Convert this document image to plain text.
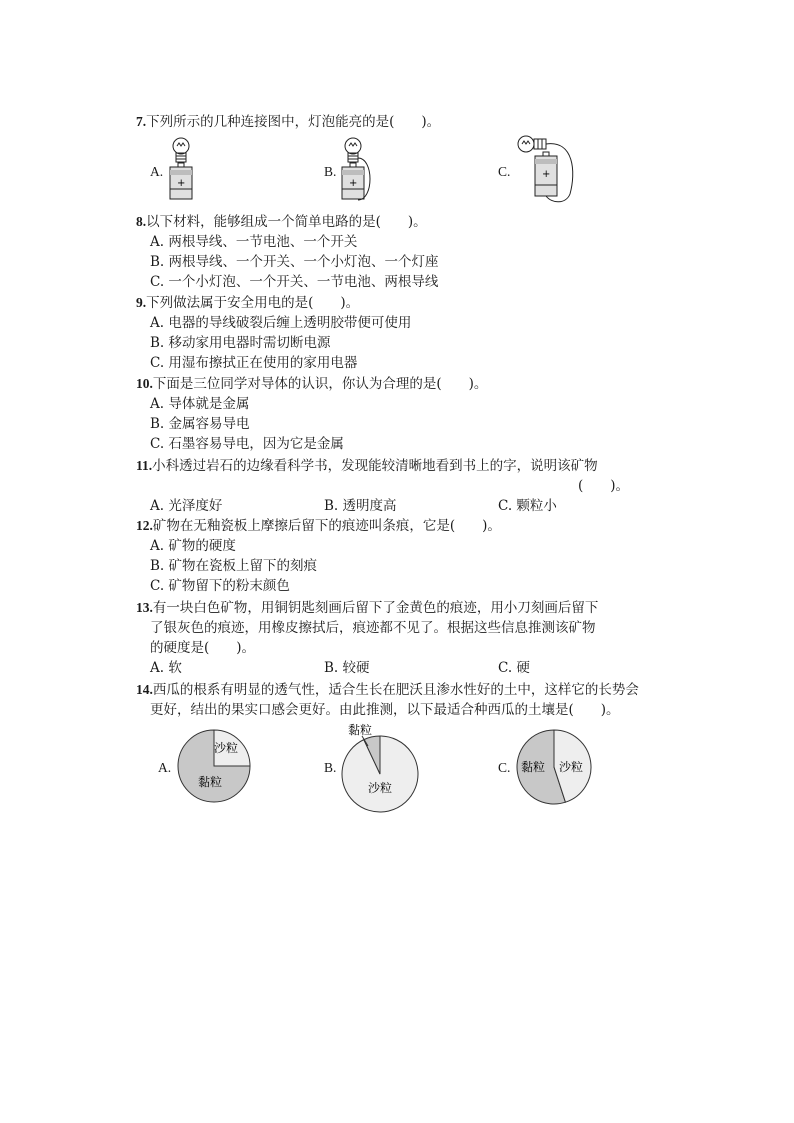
7.下列所示的几种连接图中，灯泡能亮的是(　　)。
A.	B.	C.
+	+
+
8.以下材料，能够组成一个简单电路的是(　　)。
A. 两根导线、一节电池、一个开关
B. 两根导线、一个开关、一个小灯泡、一个灯座
C. 一个小灯泡、一个开关、一节电池、两根导线
9.下列做法属于安全用电的是(　　)。
A. 电器的导线破裂后缠上透明胶带便可使用
B. 移动家用电器时需切断电源
C. 用湿布擦拭正在使用的家用电器
10.下面是三位同学对导体的认识，你认为合理的是(　　)。
A. 导体就是金属
B. 金属容易导电
C. 石墨容易导电，因为它是金属
11.小科透过岩石的边缘看科学书，发现能较清晰地看到书上的字，说明该矿物
(　　)。
A. 光泽度好	B. 透明度高	C. 颗粒小
12.矿物在无釉瓷板上摩擦后留下的痕迹叫条痕，它是(　　)。
A. 矿物的硬度
B. 矿物在瓷板上留下的刻痕
C. 矿物留下的粉末颜色
13.有一块白色矿物，用铜钥匙刻画后留下了金黄色的痕迹，用小刀刻画后留下
了银灰色的痕迹，用橡皮擦拭后，痕迹都不见了。根据这些信息推测该矿物
的硬度是(　　)。
A. 软	B. 较硬	C. 硬
14.西瓜的根系有明显的透气性，适合生长在肥沃且渗水性好的土中，这样它的长势会
更好，结出的果实口感会更好。由此推测，以下最适合种西瓜的土壤是(　　)。
A.	B.	C.
沙粒
黏粒
黏粒
沙粒
黏粒 沙粒
